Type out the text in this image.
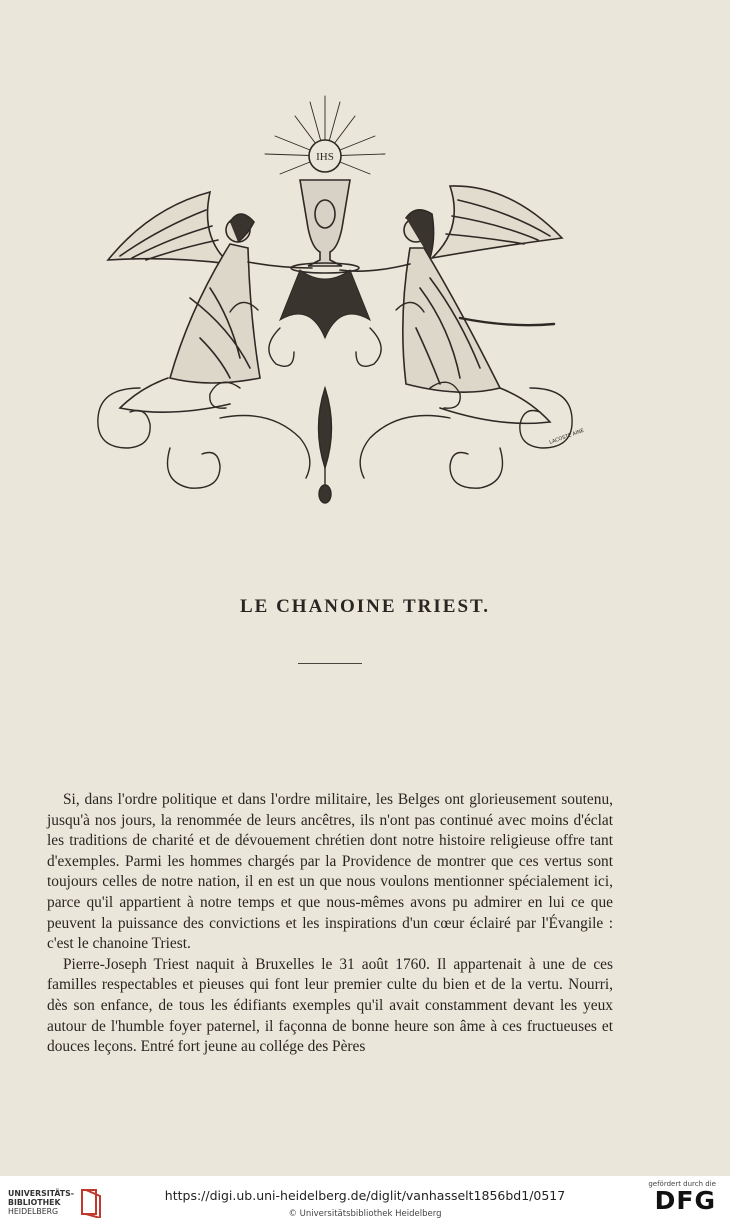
IHS
LACOSTE AINE
LE CHANOINE TRIEST.

Si, dans l'ordre politique et dans l'ordre militaire, les Belges ont glorieusement soutenu, jusqu'à nos jours, la renommée de leurs ancêtres, ils n'ont pas continué avec moins d'éclat les traditions de charité et de dévouement chrétien dont notre histoire religieuse offre tant d'exemples. Parmi les hommes chargés par la Providence de montrer que ces vertus sont toujours celles de notre nation, il en est un que nous voulons mentionner spécialement ici, parce qu'il appartient à notre temps et que nous-mêmes avons pu admirer en lui ce que peuvent la puissance des convictions et les inspirations d'un cœur éclairé par l'Évangile : c'est le chanoine Triest.

Pierre-Joseph Triest naquit à Bruxelles le 31 août 1760. Il appartenait à une de ces familles respectables et pieuses qui font leur premier culte du bien et de la vertu. Nourri, dès son enfance, de tous les édifiants exemples qu'il avait constamment devant les yeux autour de l'humble foyer paternel, il façonna de bonne heure son âme à ces fructueuses et douces leçons. Entré fort jeune au collége des Pères

UNIVERSITÄTS-
BIBLIOTHEK
HEIDELBERG
https://digi.ub.uni-heidelberg.de/diglit/vanhasselt1856bd1/0517
© Universitätsbibliothek Heidelberg
gefördert durch die
DFG
